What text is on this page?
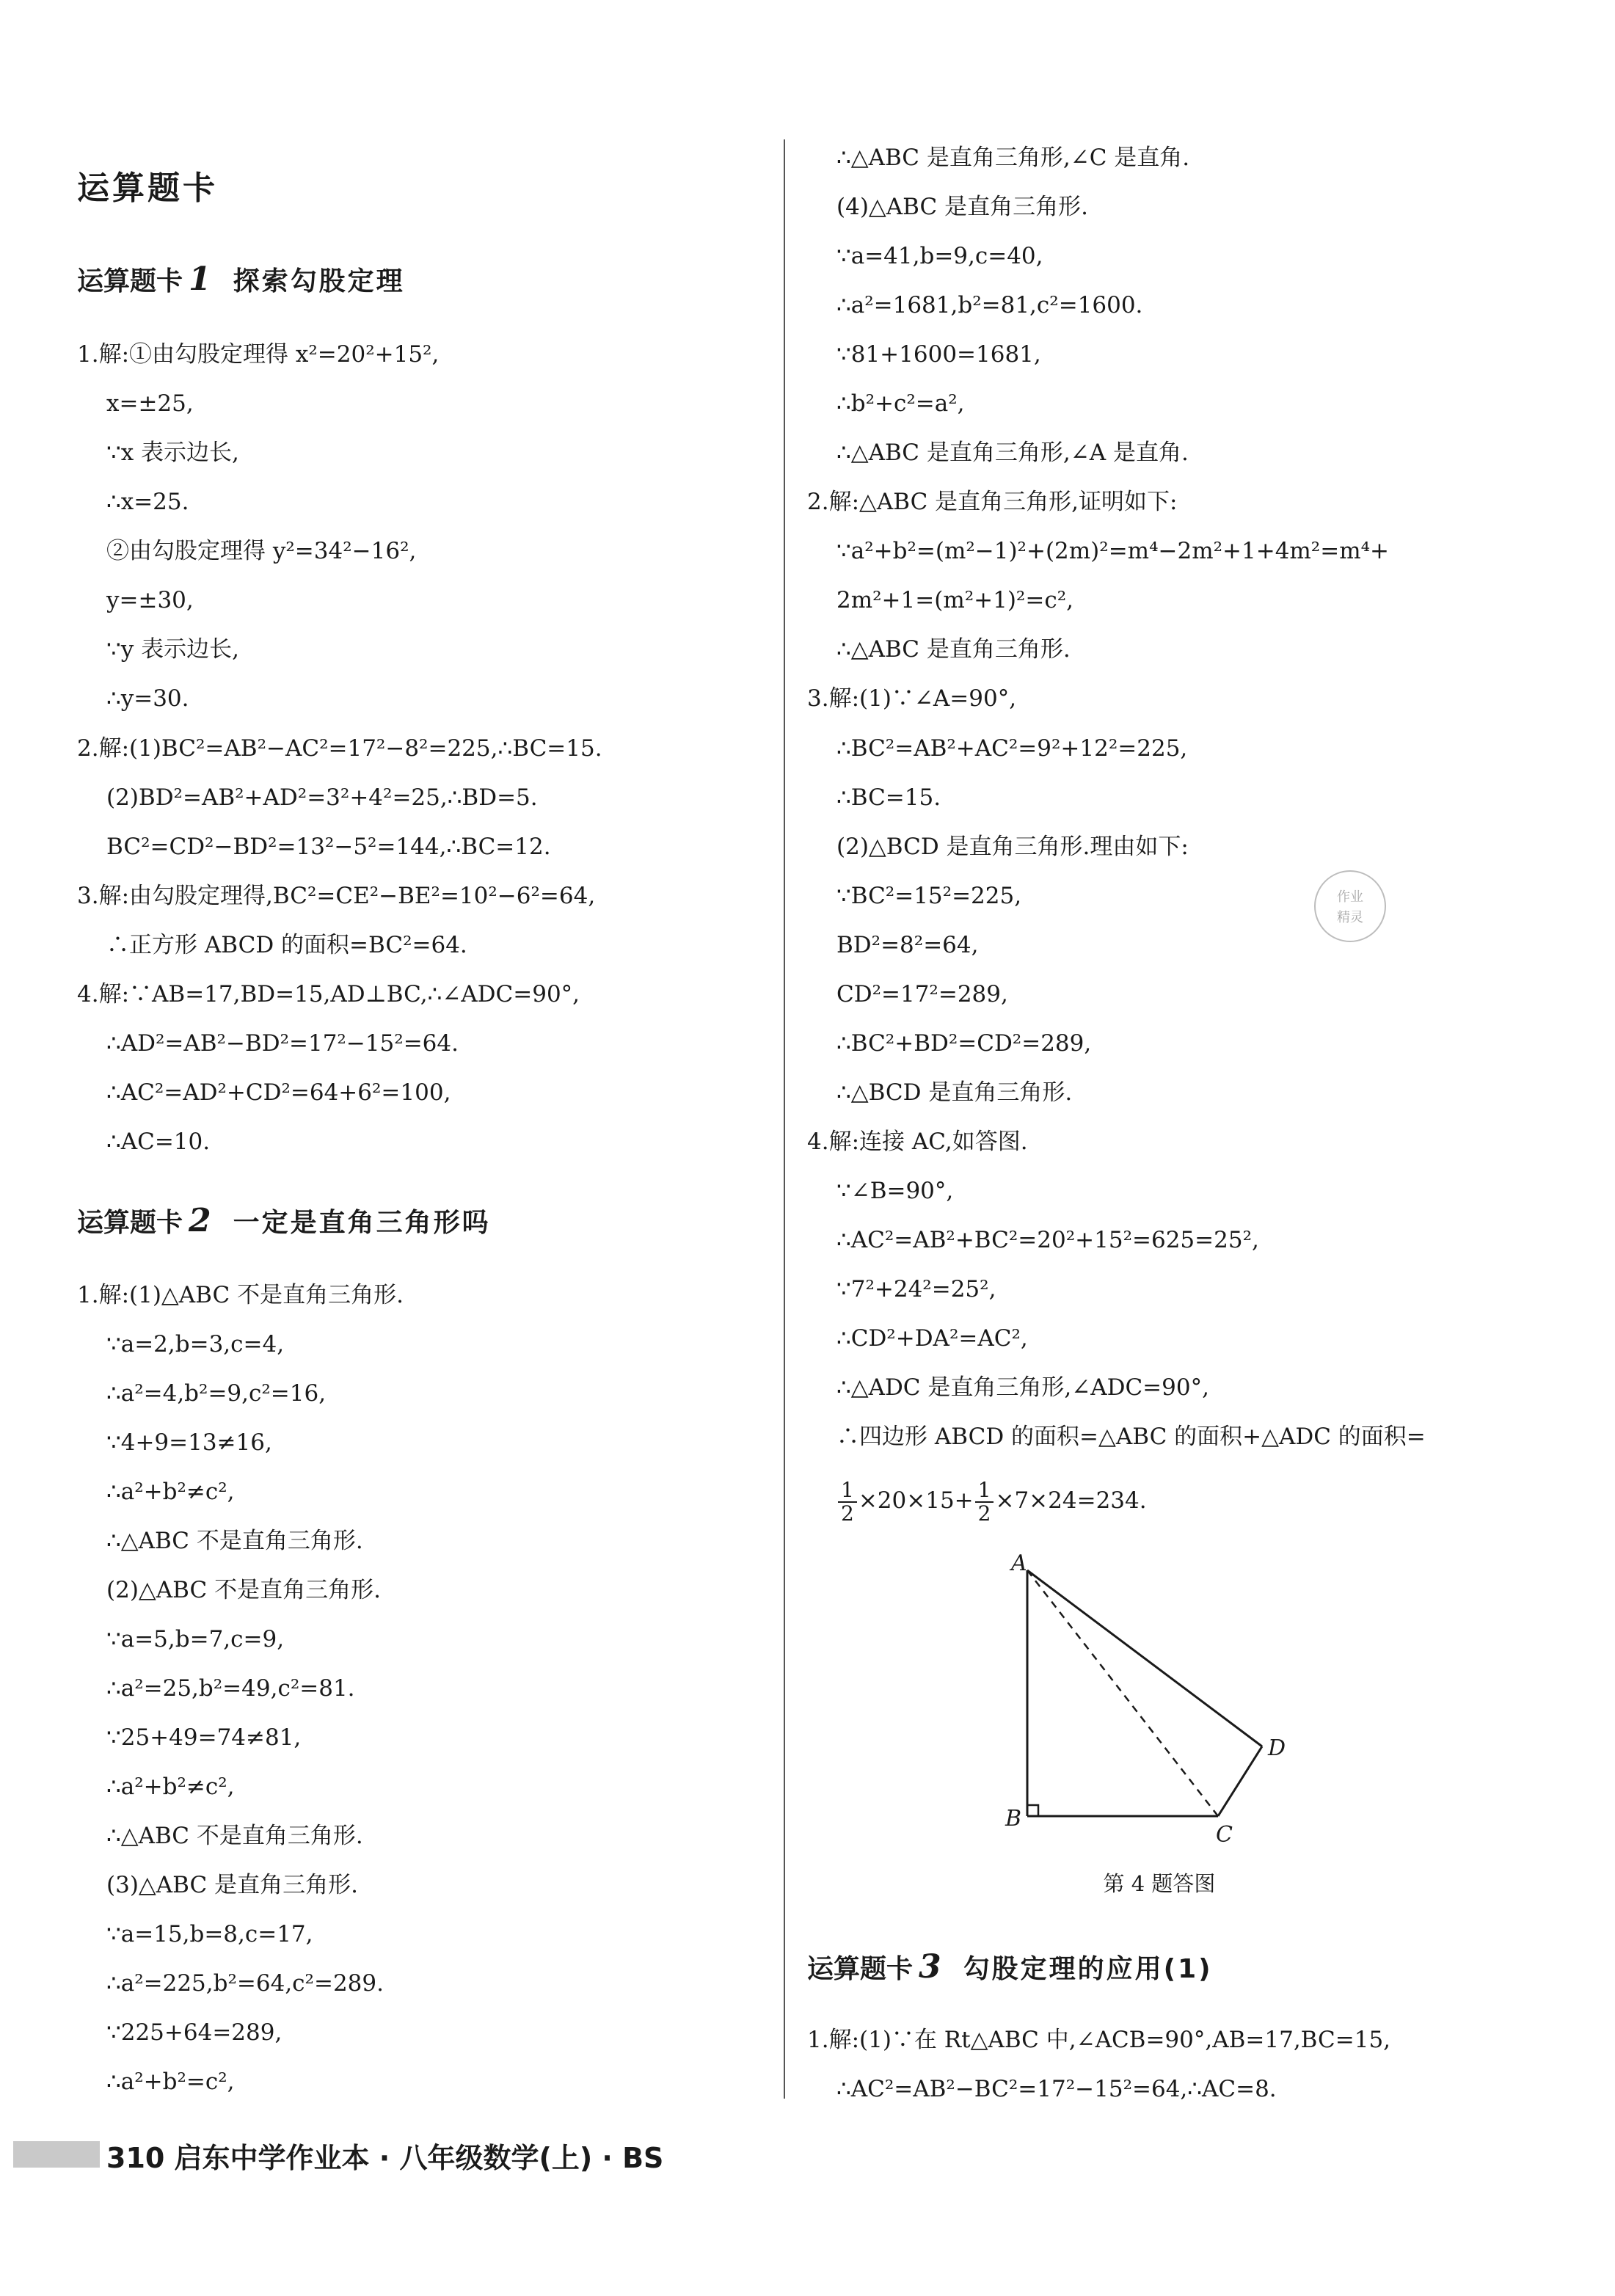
运算题卡
运算题卡 1 探索勾股定理
1.解:①由勾股定理得 x²=20²+15²,
x=±25,
∵x 表示边长,
∴x=25.
②由勾股定理得 y²=34²−16²,
y=±30,
∵y 表示边长,
∴y=30.
2.解:(1)BC²=AB²−AC²=17²−8²=225,∴BC=15.
(2)BD²=AB²+AD²=3²+4²=25,∴BD=5.
BC²=CD²−BD²=13²−5²=144,∴BC=12.
3.解:由勾股定理得,BC²=CE²−BE²=10²−6²=64,
∴正方形 ABCD 的面积=BC²=64.
4.解:∵AB=17,BD=15,AD⊥BC,∴∠ADC=90°,
∴AD²=AB²−BD²=17²−15²=64.
∴AC²=AD²+CD²=64+6²=100,
∴AC=10.
运算题卡 2 一定是直角三角形吗
1.解:(1)△ABC 不是直角三角形.
∵a=2,b=3,c=4,
∴a²=4,b²=9,c²=16,
∵4+9=13≠16,
∴a²+b²≠c²,
∴△ABC 不是直角三角形.
(2)△ABC 不是直角三角形.
∵a=5,b=7,c=9,
∴a²=25,b²=49,c²=81.
∵25+49=74≠81,
∴a²+b²≠c²,
∴△ABC 不是直角三角形.
(3)△ABC 是直角三角形.
∵a=15,b=8,c=17,
∴a²=225,b²=64,c²=289.
∵225+64=289,
∴a²+b²=c²,
∴△ABC 是直角三角形,∠C 是直角.
(4)△ABC 是直角三角形.
∵a=41,b=9,c=40,
∴a²=1681,b²=81,c²=1600.
∵81+1600=1681,
∴b²+c²=a²,
∴△ABC 是直角三角形,∠A 是直角.
2.解:△ABC 是直角三角形,证明如下:
∵a²+b²=(m²−1)²+(2m)²=m⁴−2m²+1+4m²=m⁴+
2m²+1=(m²+1)²=c²,
∴△ABC 是直角三角形.
3.解:(1)∵∠A=90°,
∴BC²=AB²+AC²=9²+12²=225,
∴BC=15.
(2)△BCD 是直角三角形.理由如下:
∵BC²=15²=225,
BD²=8²=64,
CD²=17²=289,
∴BC²+BD²=CD²=289,
∴△BCD 是直角三角形.
4.解:连接 AC,如答图.
∵∠B=90°,
∴AC²=AB²+BC²=20²+15²=625=25²,
∵7²+24²=25²,
∴CD²+DA²=AC²,
∴△ADC 是直角三角形,∠ADC=90°,
∴四边形 ABCD 的面积=△ABC 的面积+△ADC 的面积=
$\frac{1}{2} \times 20\times 15+ \frac{1}{2} \times 7\times 24=234$.
第 4 题答图
运算题卡 3 勾股定理的应用(1)
1.解:(1)∵在 Rt△ABC 中,∠ACB=90°,AB=17,BC=15,
∴AC²=AB²−BC²=17²−15²=64,∴AC=8.
A
B
C
D
作业
精灵
310 启东中学作业本 · 八年级数学(上) · BS
